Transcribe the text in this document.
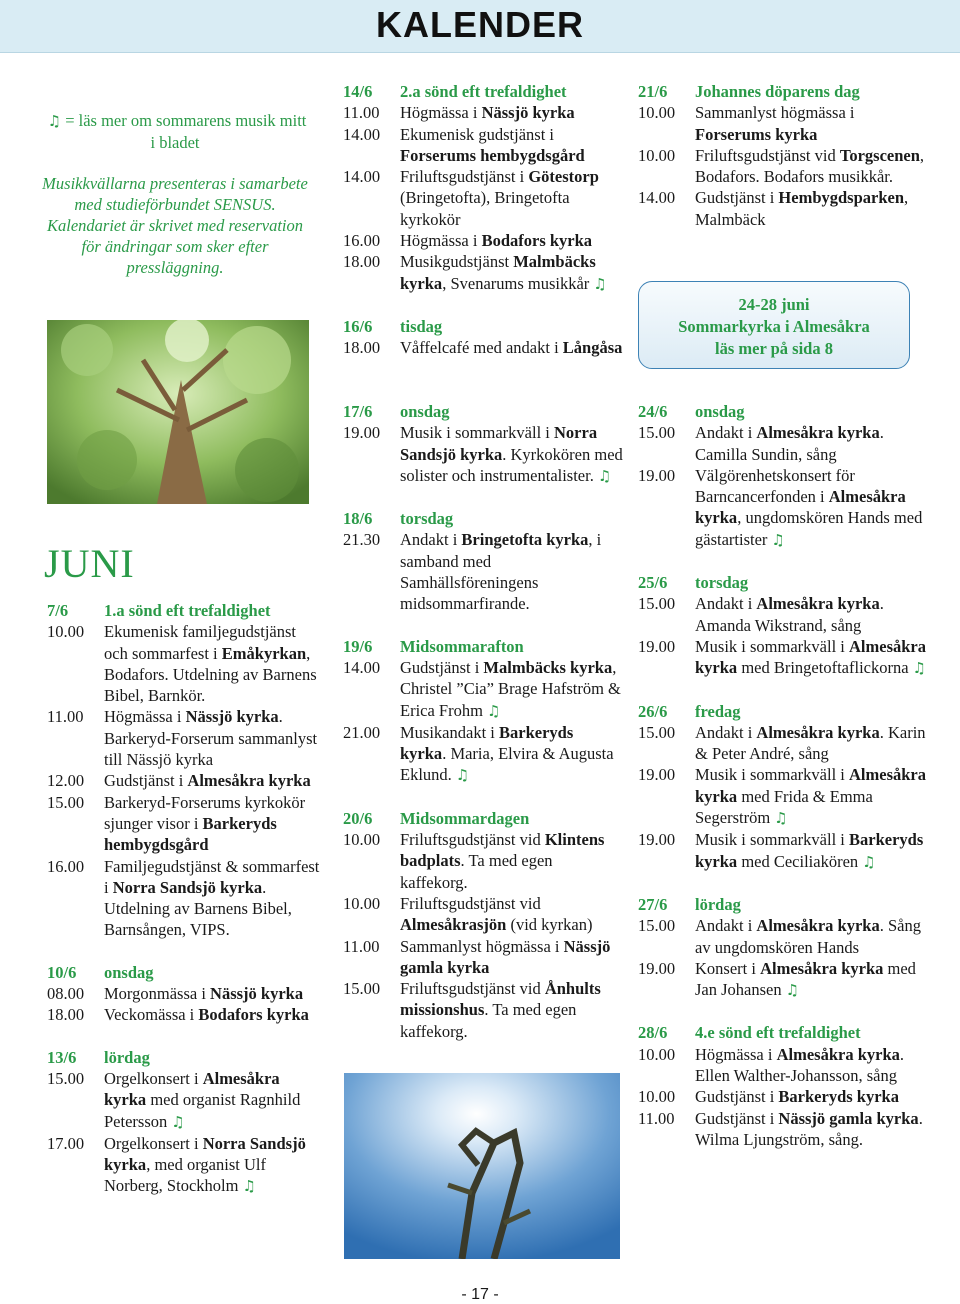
KALENDER
♫ = läs mer om sommarens musik mitt i bladet
Musikkvällarna presenteras i samarbete med studieförbundet SENSUS. Kalendariet är skrivet med reservation för ändringar som sker efter pressläggning.
JUNI
7/6	1.a sönd eft trefaldighet
10.00	Ekumenisk familjegudstjänst och sommarfest i Emåkyrkan, Bodafors. Utdelning av Barnens Bibel, Barnkör.
11.00	Högmässa i Nässjö kyrka. Barkeryd-Forserum sammanlyst till Nässjö kyrka
12.00	Gudstjänst i Almesåkra kyrka
15.00	Barkeryd-Forserums kyrkokör sjunger visor i Barkeryds hembygdsgård
16.00	Familjegudstjänst & sommarfest i Norra Sandsjö kyrka. Utdelning av Barnens Bibel, Barnsången, VIPS.
10/6	onsdag
08.00	Morgonmässa i Nässjö kyrka
18.00	Veckomässa i Bodafors kyrka
13/6	lördag
15.00	Orgelkonsert i Almesåkra kyrka med organist Ragnhild Petersson ♫
17.00	Orgelkonsert i Norra Sandsjö kyrka, med organist Ulf Norberg, Stockholm ♫
14/6	2.a sönd eft trefaldighet
11.00	Högmässa i Nässjö kyrka
14.00	Ekumenisk gudstjänst i Forserums hembygdsgård
14.00	Friluftsgudstjänst i Götestorp (Bringetofta), Bringetofta kyrkokör
16.00	Högmässa i Bodafors kyrka
18.00	Musikgudstjänst Malmbäcks kyrka, Svenarums musikkår ♫
16/6	tisdag
18.00	Våffelcafé med andakt i Långåsa
17/6	onsdag
19.00	Musik i sommarkväll i Norra Sandsjö kyrka. Kyrkokören med solister och instrumentalister. ♫
18/6	torsdag
21.30	Andakt i Bringetofta kyrka, i samband med Samhällsföreningens midsommarfirande.
19/6	Midsommarafton
14.00	Gudstjänst i Malmbäcks kyrka, Christel ”Cia” Brage Hafström & Erica Frohm ♫
21.00	Musikandakt i Barkeryds kyrka. Maria, Elvira & Augusta Eklund. ♫
20/6	Midsommardagen
10.00	Friluftsgudstjänst vid Klintens badplats. Ta med egen kaffekorg.
10.00	Friluftsgudstjänst vid Almesåkrasjön (vid kyrkan)
11.00	Sammanlyst högmässa i Nässjö gamla kyrka
15.00	Friluftsgudstjänst vid Ånhults missionshus. Ta med egen kaffekorg.
21/6	Johannes döparens dag
10.00	Sammanlyst högmässa i Forserums kyrka
10.00	Friluftsgudstjänst vid Torgscenen, Bodafors. Bodafors musikkår.
14.00	Gudstjänst i Hembygdsparken, Malmbäck
24/6	onsdag
15.00	Andakt i Almesåkra kyrka. Camilla Sundin, sång
19.00	Välgörenhetskonsert för Barncancerfonden i Almesåkra kyrka, ungdomskören Hands med gästartister ♫
25/6	torsdag
15.00	Andakt i Almesåkra kyrka. Amanda Wikstrand, sång
19.00	Musik i sommarkväll i Almesåkra kyrka med Bringetoftaflickorna ♫
26/6	fredag
15.00	Andakt i Almesåkra kyrka. Karin & Peter André, sång
19.00	Musik i sommarkväll i Almesåkra kyrka med Frida & Emma Segerström ♫
19.00	Musik i sommarkväll i Barkeryds kyrka med Ceciliakören ♫
27/6	lördag
15.00	Andakt i Almesåkra kyrka. Sång av ungdomskören Hands
19.00	Konsert i Almesåkra kyrka med Jan Johansen ♫
28/6	4.e sönd eft trefaldighet
10.00	Högmässa i Almesåkra kyrka. Ellen Walther-Johansson, sång
10.00	Gudstjänst i Barkeryds kyrka
11.00	Gudstjänst i Nässjö gamla kyrka. Wilma Ljungström, sång.
24-28 juni
Sommarkyrka i Almesåkra
läs mer på sida 8
- 17 -
